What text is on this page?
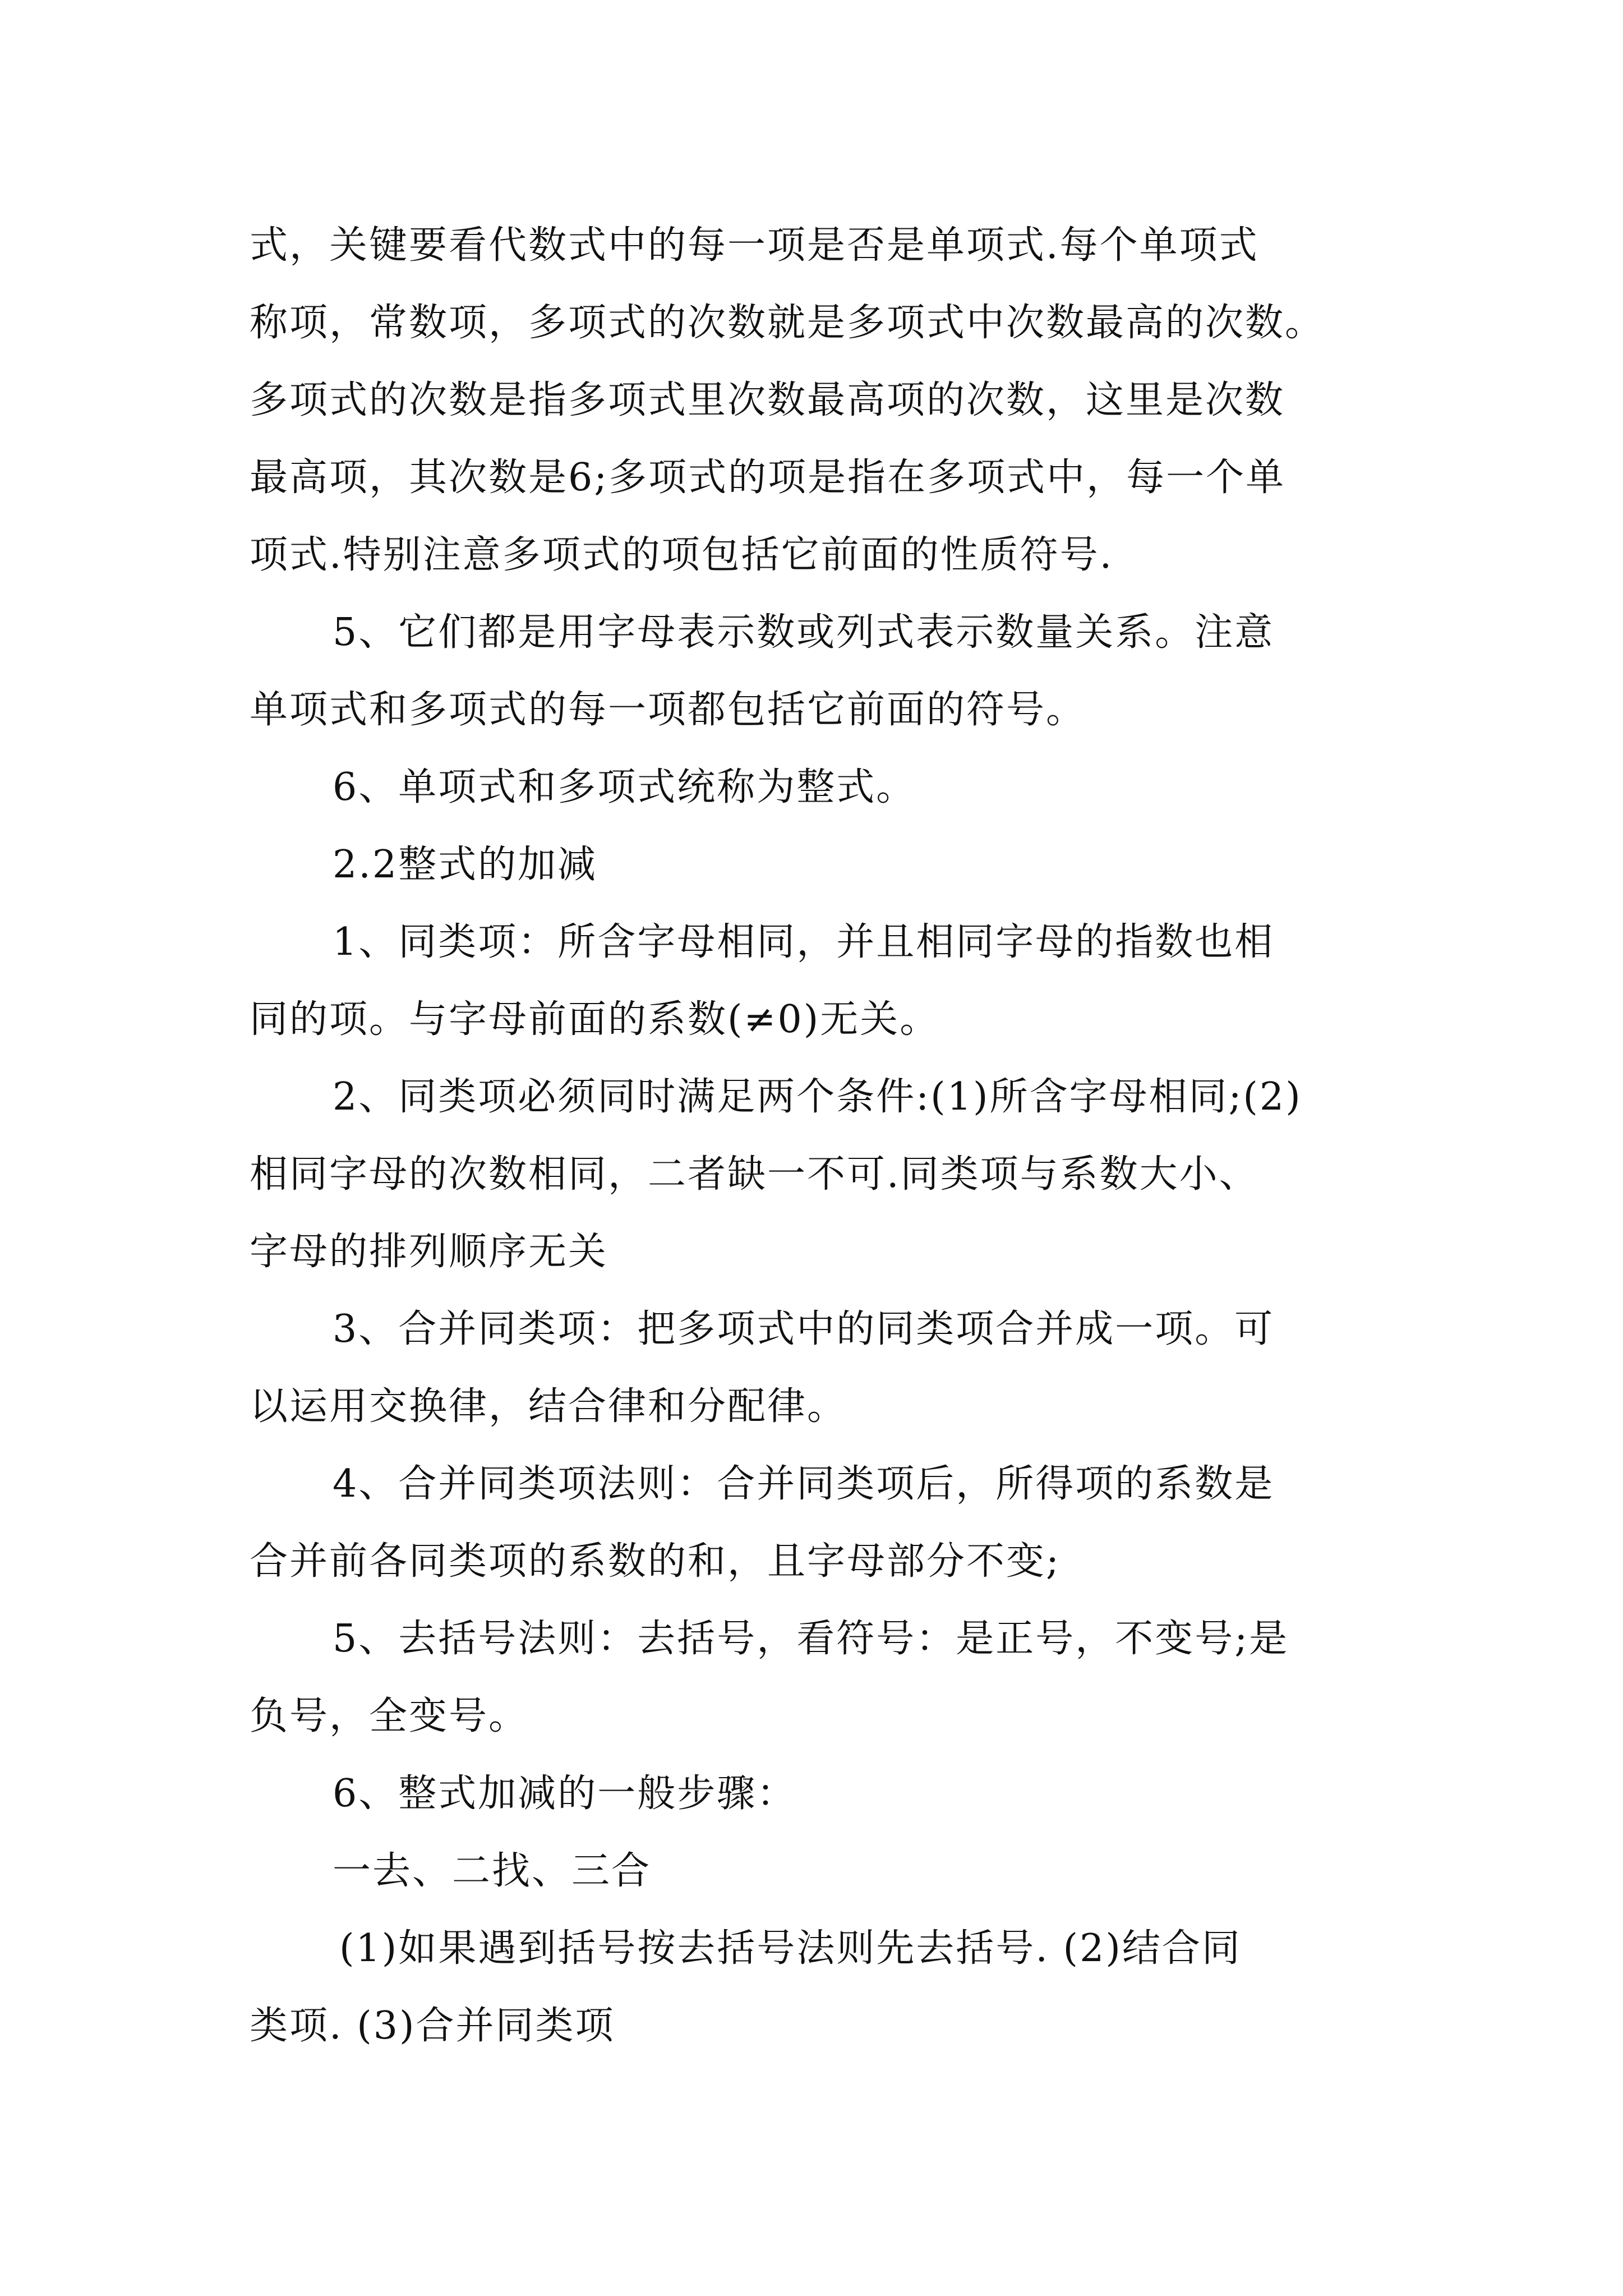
式，关键要看代数式中的每一项是否是单项式.每个单项式
称项，常数项，多项式的次数就是多项式中次数最高的次数。
多项式的次数是指多项式里次数最高项的次数，这里是次数
最高项，其次数是6;多项式的项是指在多项式中，每一个单
项式.特别注意多项式的项包括它前面的性质符号.
5、它们都是用字母表示数或列式表示数量关系。注意
单项式和多项式的每一项都包括它前面的符号。
6、单项式和多项式统称为整式。
2.2整式的加减
1、同类项：所含字母相同，并且相同字母的指数也相
同的项。与字母前面的系数(≠0)无关。
2、同类项必须同时满足两个条件:(1)所含字母相同;(2)
相同字母的次数相同，二者缺一不可.同类项与系数大小、
字母的排列顺序无关
3、合并同类项：把多项式中的同类项合并成一项。可
以运用交换律，结合律和分配律。
4、合并同类项法则：合并同类项后，所得项的系数是
合并前各同类项的系数的和，且字母部分不变;
5、去括号法则：去括号，看符号：是正号，不变号;是
负号，全变号。
6、整式加减的一般步骤：
一去、二找、三合
(1)如果遇到括号按去括号法则先去括号. (2)结合同
类项. (3)合并同类项
